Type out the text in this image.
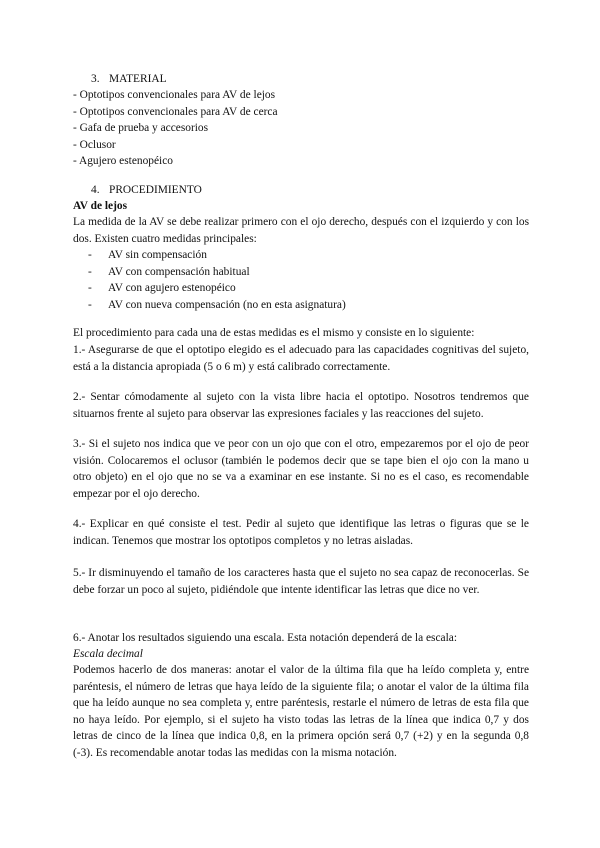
3. MATERIAL
- Optotipos convencionales para AV de lejos
- Optotipos convencionales para AV de cerca
- Gafa de prueba y accesorios
- Oclusor
- Agujero estenopéico
4. PROCEDIMIENTO
AV de lejos

La medida de la AV se debe realizar primero con el ojo derecho, después con el izquierdo y con los dos. Existen cuatro medidas principales:

- AV sin compensación
- AV con compensación habitual
- AV con agujero estenopéico
- AV con nueva compensación (no en esta asignatura)
El procedimiento para cada una de estas medidas es el mismo y consiste en lo siguiente:

1.- Asegurarse de que el optotipo elegido es el adecuado para las capacidades cognitivas del sujeto, está a la distancia apropiada (5 o 6 m) y está calibrado correctamente.

2.- Sentar cómodamente al sujeto con la vista libre hacia el optotipo. Nosotros tendremos que situarnos frente al sujeto para observar las expresiones faciales y las reacciones del sujeto.

3.- Si el sujeto nos indica que ve peor con un ojo que con el otro, empezaremos por el ojo de peor visión. Colocaremos el oclusor (también le podemos decir que se tape bien el ojo con la mano u otro objeto) en el ojo que no se va a examinar en ese instante. Si no es el caso, es recomendable empezar por el ojo derecho.

4.- Explicar en qué consiste el test. Pedir al sujeto que identifique las letras o figuras que se le indican. Tenemos que mostrar los optotipos completos y no letras aisladas.

5.- Ir disminuyendo el tamaño de los caracteres hasta que el sujeto no sea capaz de reconocerlas. Se debe forzar un poco al sujeto, pidiéndole que intente identificar las letras que dice no ver.

6.- Anotar los resultados siguiendo una escala. Esta notación dependerá de la escala:

Escala decimal

Podemos hacerlo de dos maneras: anotar el valor de la última fila que ha leído completa y, entre paréntesis, el número de letras que haya leído de la siguiente fila; o anotar el valor de la última fila que ha leído aunque no sea completa y, entre paréntesis, restarle el número de letras de esta fila que no haya leído. Por ejemplo, si el sujeto ha visto todas las letras de la línea que indica 0,7 y dos letras de cinco de la línea que indica 0,8, en la primera opción será 0,7 (+2) y en la segunda 0,8 (-3). Es recomendable anotar todas las medidas con la misma notación.
